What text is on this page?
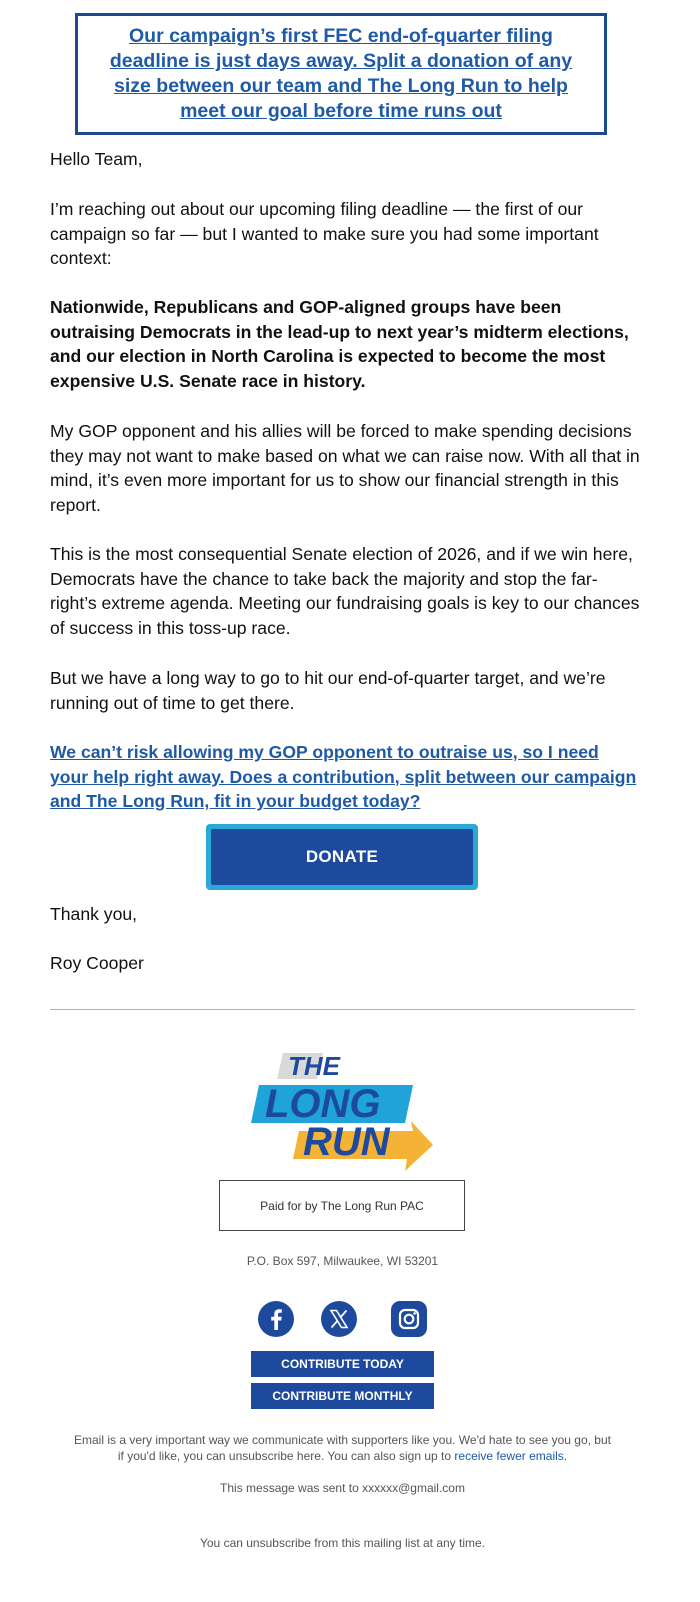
Our campaign’s first FEC end-of-quarter filing deadline is just days away. Split a donation of any size between our team and The Long Run to help meet our goal before time runs out

Hello Team,

I’m reaching out about our upcoming filing deadline — the first of our campaign so far — but I wanted to make sure you had some important context:

Nationwide, Republicans and GOP-aligned groups have been outraising Democrats in the lead-up to next year’s midterm elections, and our election in North Carolina is expected to become the most expensive U.S. Senate race in history.

My GOP opponent and his allies will be forced to make spending decisions they may not want to make based on what we can raise now. With all that in mind, it’s even more important for us to show our financial strength in this report.

This is the most consequential Senate election of 2026, and if we win here, Democrats have the chance to take back the majority and stop the far-right’s extreme agenda. Meeting our fundraising goals is key to our chances of success in this toss-up race.

But we have a long way to go to hit our end-of-quarter target, and we’re running out of time to get there.

We can’t risk allowing my GOP opponent to outraise us, so I need your help right away. Does a contribution, split between our campaign and The Long Run, fit in your budget today?

DONATE

Thank you,

Roy Cooper

THE
LONG
RUN
Paid for by The Long Run PAC
P.O. Box 597, Milwaukee, WI 53201
CONTRIBUTE TODAY
CONTRIBUTE MONTHLY
Email is a very important way we communicate with supporters like you. We'd hate to see you go, but
if you'd like, you can unsubscribe here. You can also sign up to receive fewer emails.
This message was sent to xxxxxx@gmail.com
You can unsubscribe from this mailing list at any time.
